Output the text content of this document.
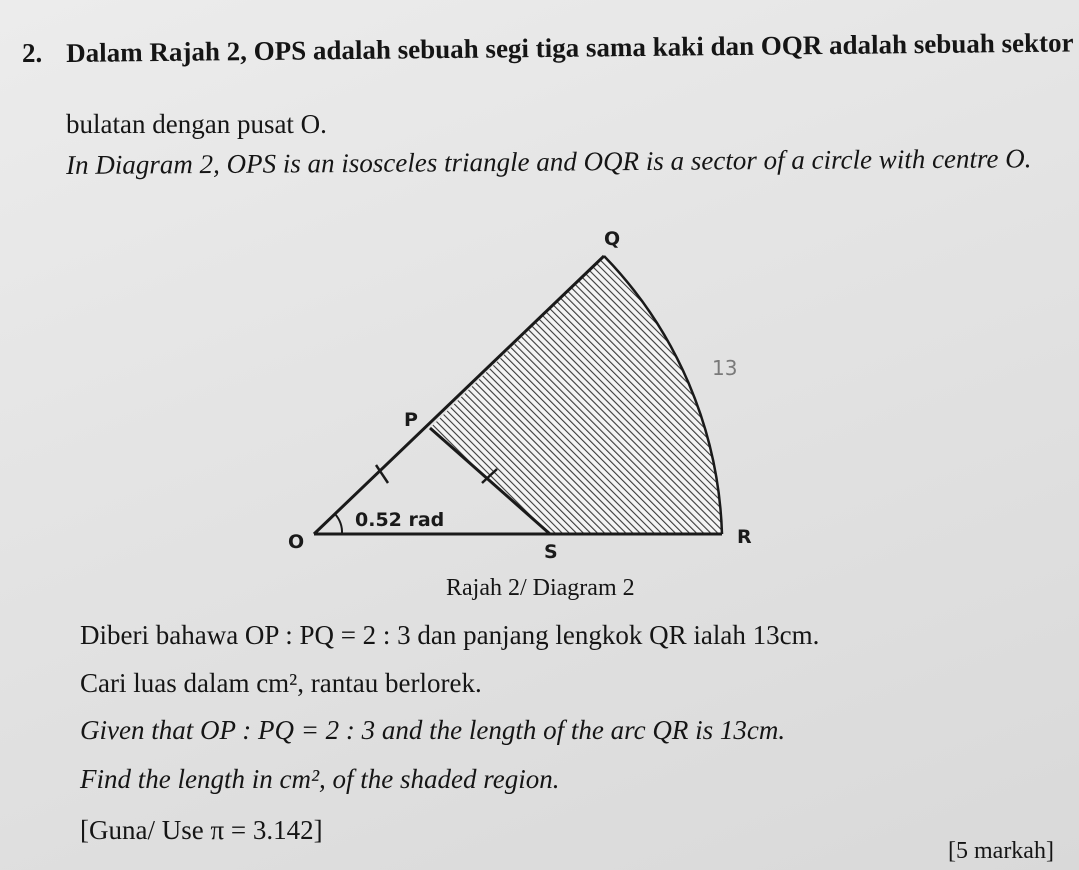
Q
P
O	R
S
0.52 rad
13
2. Dalam Rajah 2, OPS adalah sebuah segi tiga sama kaki dan OQR adalah sebuah sektor
bulatan dengan pusat O.
In Diagram 2, OPS is an isosceles triangle and OQR is a sector of a circle with centre O.
Rajah 2/ Diagram 2
Diberi bahawa OP : PQ = 2 : 3 dan panjang lengkok QR ialah 13cm.
Cari luas dalam cm², rantau berlorek.
Given that OP : PQ = 2 : 3 and the length of the arc QR is 13cm.
Find the length in cm², of the shaded region.
[Guna/ Use π = 3.142]
[5 markah]
